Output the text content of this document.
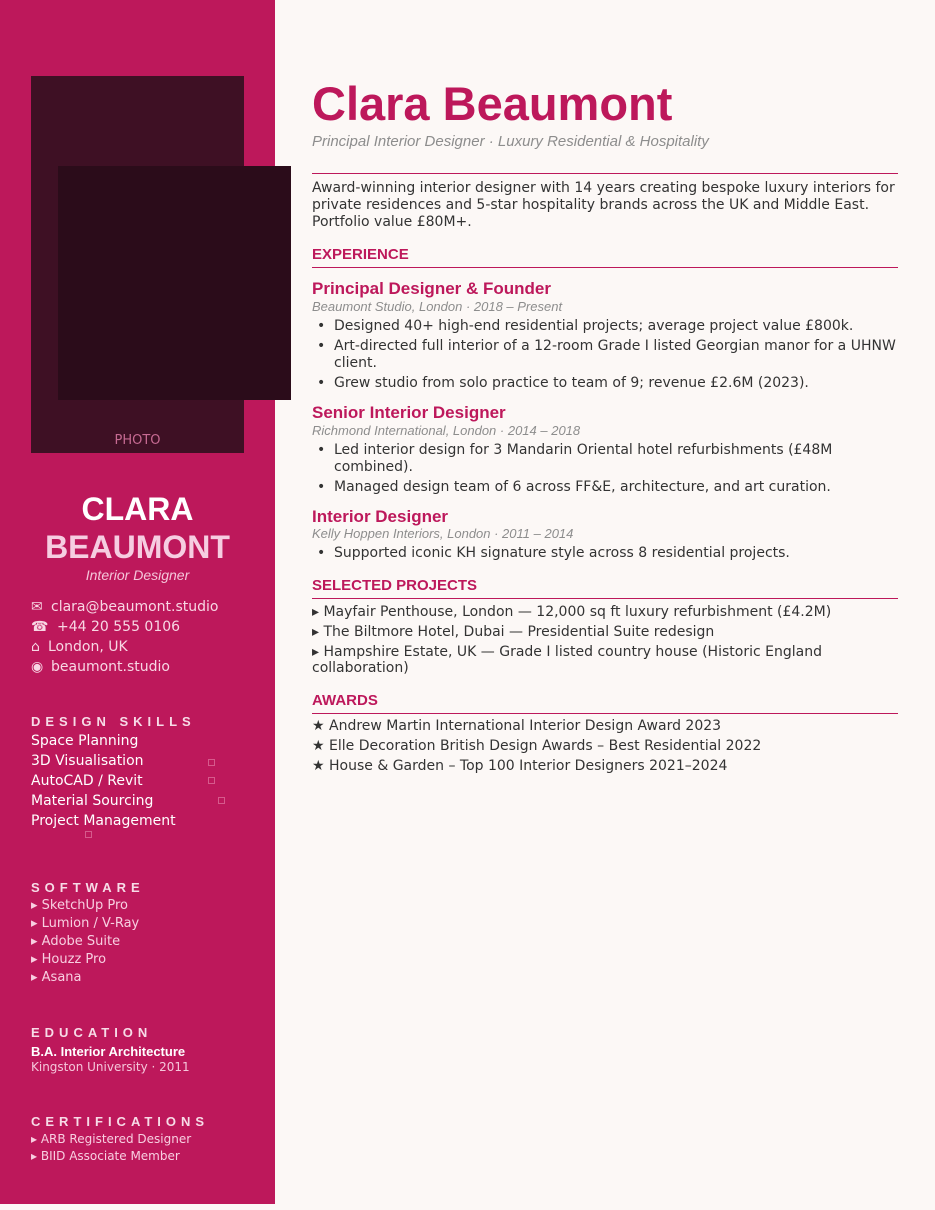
PHOTO
CLARA
BEAUMONT
Interior Designer
✉ clara@beaumont.studio
☎ +44 20 555 0106
⌂ London, UK
◉ beaumont.studio
DESIGN SKILLS
Space Planning
3D Visualisation
AutoCAD / Revit
Material Sourcing
Project Management
SOFTWARE
▸ SketchUp Pro
▸ Lumion / V-Ray
▸ Adobe Suite
▸ Houzz Pro
▸ Asana
EDUCATION
B.A. Interior Architecture
Kingston University · 2011
CERTIFICATIONS
▸ ARB Registered Designer
▸ BIID Associate Member
Clara Beaumont
Principal Interior Designer · Luxury Residential & Hospitality
Award-winning interior designer with 14 years creating bespoke luxury interiors for private residences and 5-star hospitality brands across the UK and Middle East. Portfolio value £80M+.
EXPERIENCE
Principal Designer & Founder
Beaumont Studio, London · 2018 – Present
• Designed 40+ high-end residential projects; average project value £800k.
• Art-directed full interior of a 12-room Grade I listed Georgian manor for a UHNW client.
• Grew studio from solo practice to team of 9; revenue £2.6M (2023).
Senior Interior Designer
Richmond International, London · 2014 – 2018
• Led interior design for 3 Mandarin Oriental hotel refurbishments (£48M combined).
• Managed design team of 6 across FF&E, architecture, and art curation.
Interior Designer
Kelly Hoppen Interiors, London · 2011 – 2014
• Supported iconic KH signature style across 8 residential projects.
SELECTED PROJECTS
▸ Mayfair Penthouse, London — 12,000 sq ft luxury refurbishment (£4.2M)
▸ The Biltmore Hotel, Dubai — Presidential Suite redesign
▸ Hampshire Estate, UK — Grade I listed country house (Historic England collaboration)
AWARDS
★ Andrew Martin International Interior Design Award 2023
★ Elle Decoration British Design Awards – Best Residential 2022
★ House & Garden – Top 100 Interior Designers 2021–2024
